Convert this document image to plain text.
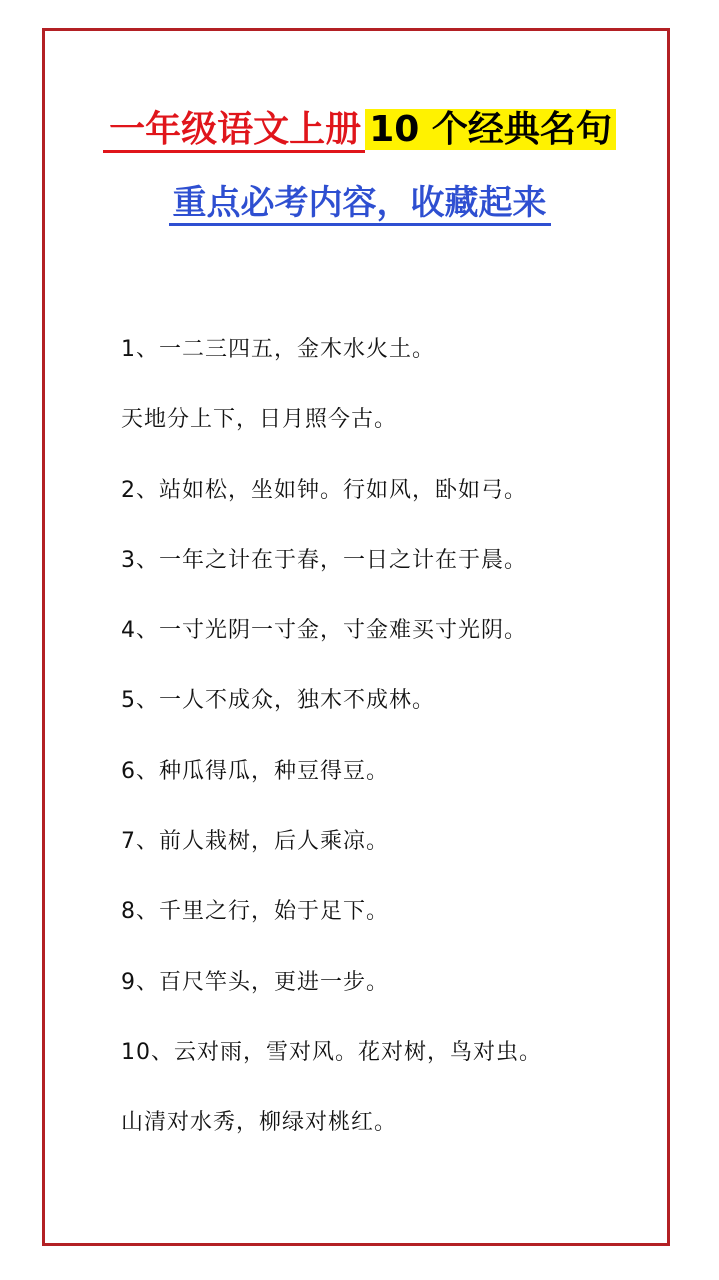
一年级语文上册 10 个经典名句
重点必考内容，收藏起来
1、一二三四五，金木水火土。
天地分上下，日月照今古。
2、站如松，坐如钟。行如风，卧如弓。
3、一年之计在于春，一日之计在于晨。
4、一寸光阴一寸金，寸金难买寸光阴。
5、一人不成众，独木不成林。
6、种瓜得瓜，种豆得豆。
7、前人栽树，后人乘凉。
8、千里之行，始于足下。
9、百尺竿头，更进一步。
10、云对雨，雪对风。花对树，鸟对虫。
山清对水秀，柳绿对桃红。
